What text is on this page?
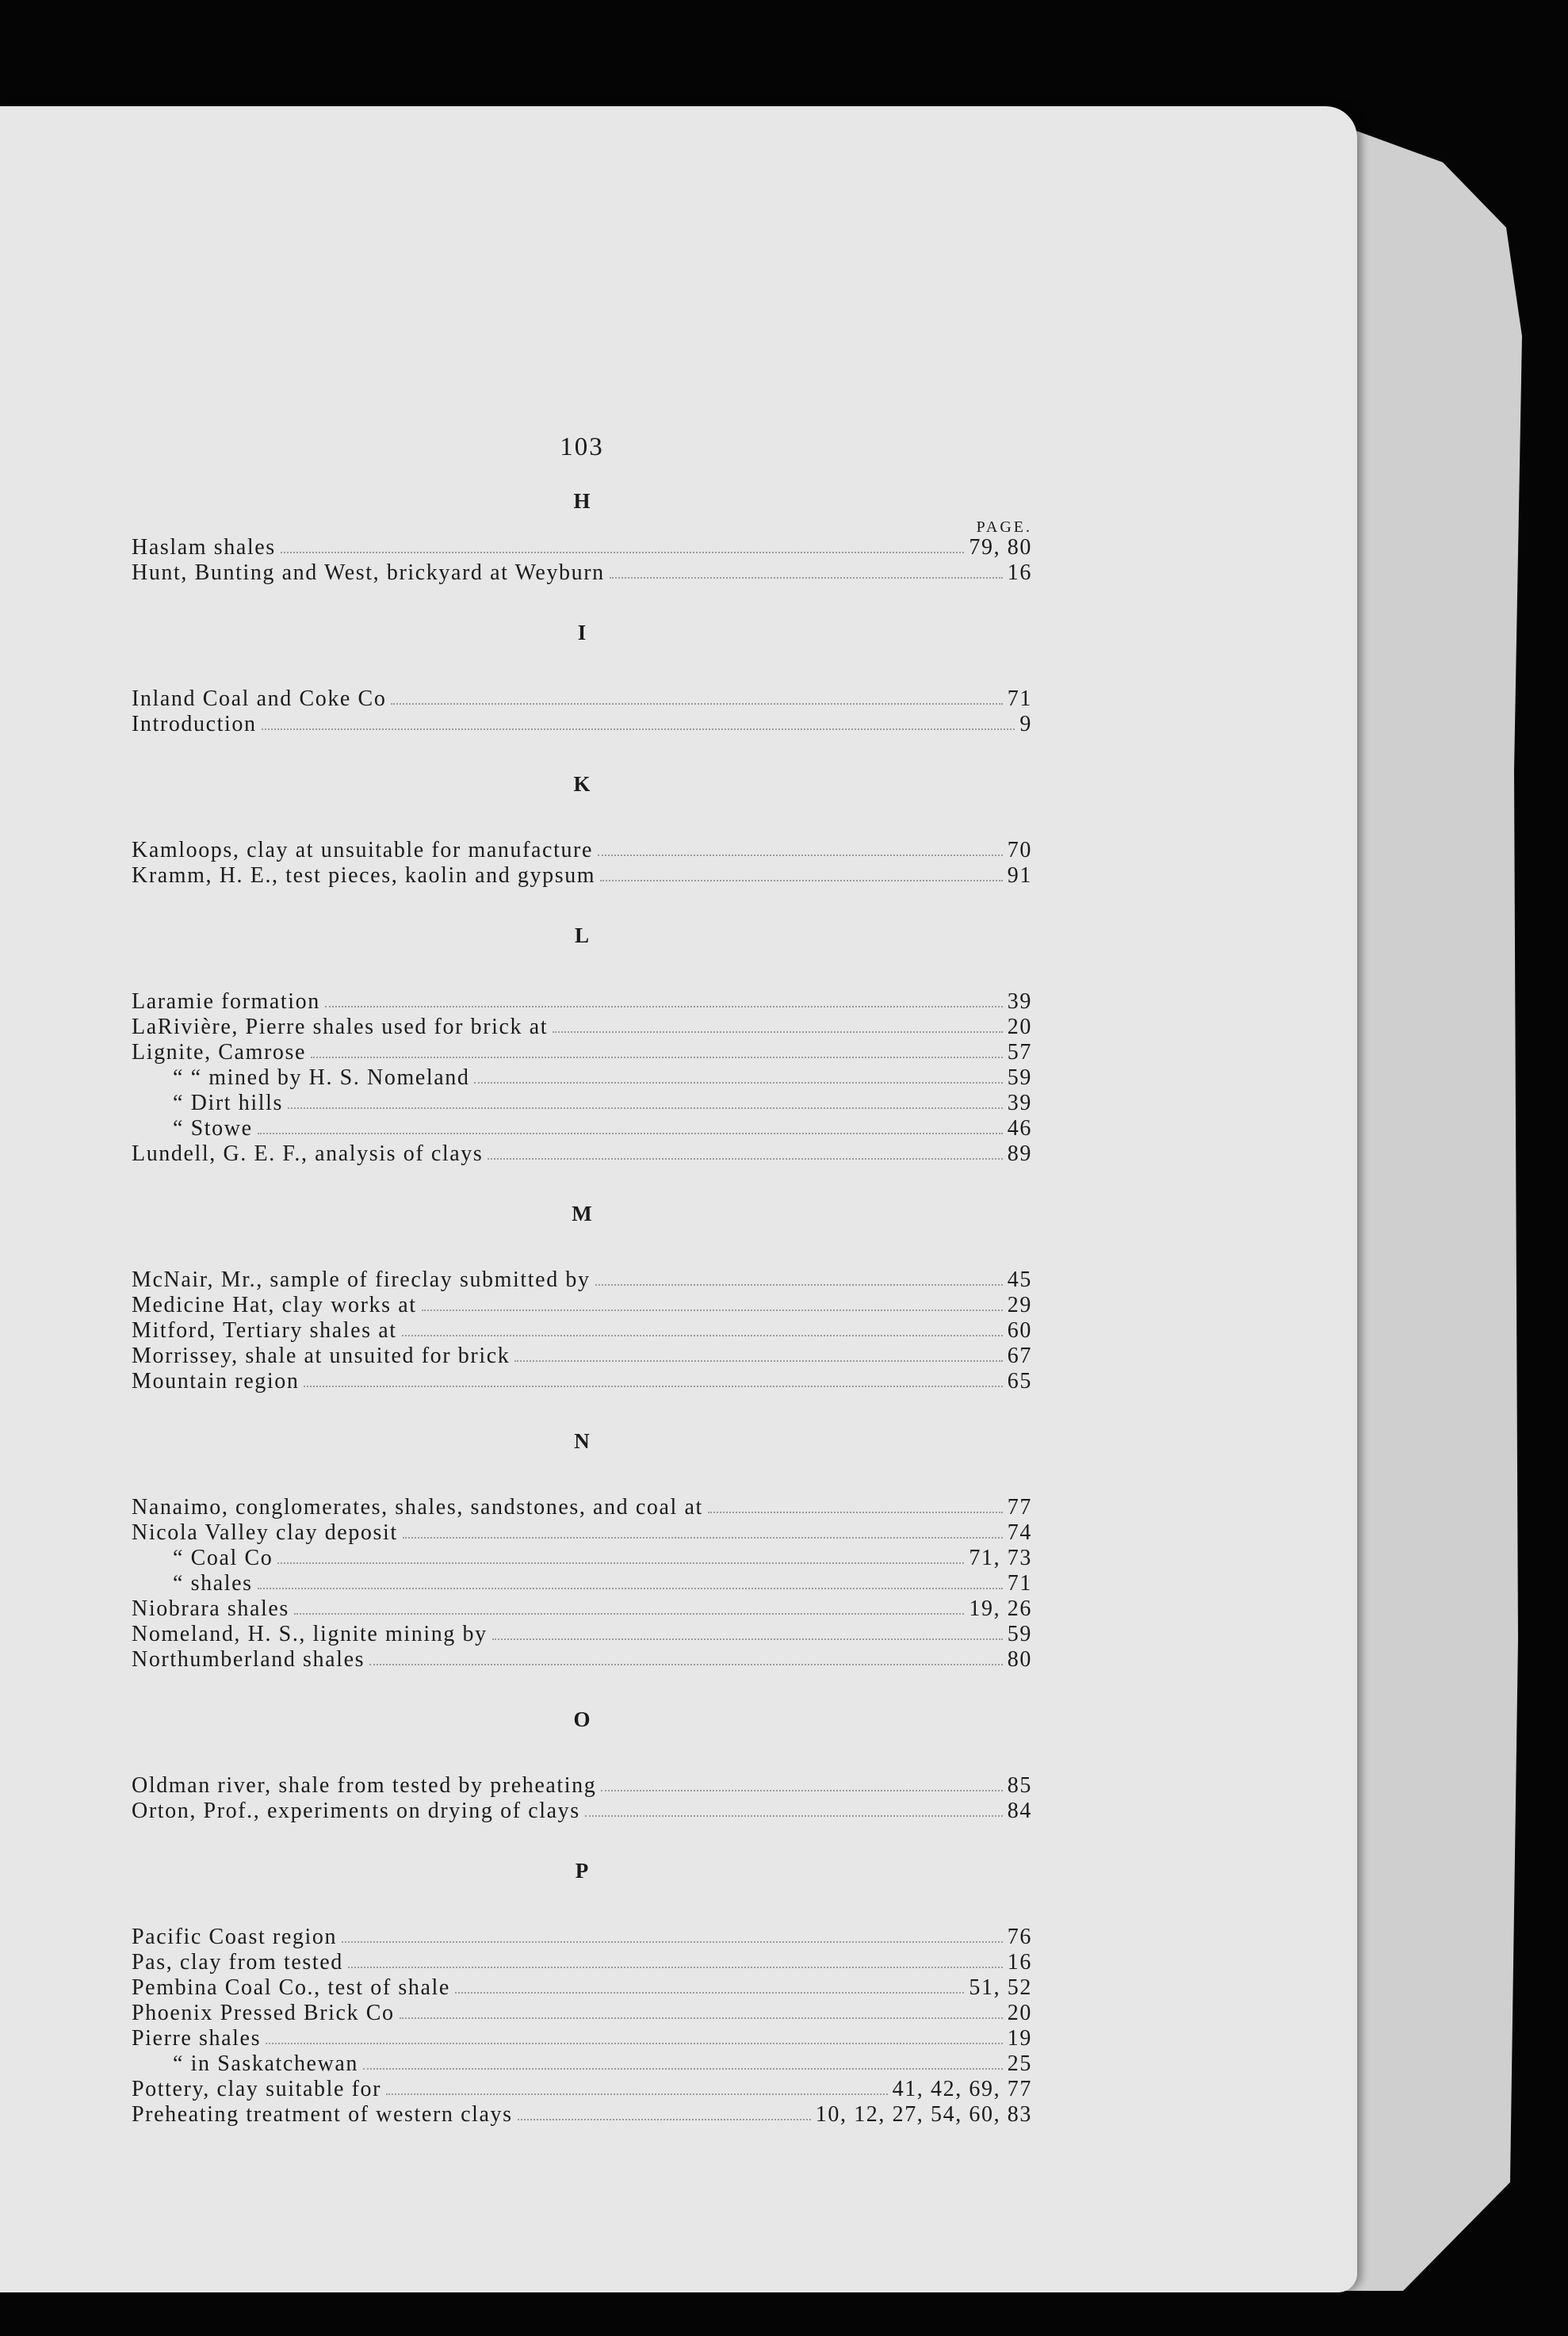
103
H
PAGE.
Haslam shales	79, 80
Hunt, Bunting and West, brickyard at Weyburn	16
I
Inland Coal and Coke Co	71
Introduction	9
K
Kamloops, clay at unsuitable for manufacture	70
Kramm, H. E., test pieces, kaolin and gypsum	91
L
Laramie formation	39
LaRivière, Pierre shales used for brick at	20
Lignite, Camrose	57
“ “ mined by H. S. Nomeland	59
“ Dirt hills	39
“ Stowe	46
Lundell, G. E. F., analysis of clays	89
M
McNair, Mr., sample of fireclay submitted by	45
Medicine Hat, clay works at	29
Mitford, Tertiary shales at	60
Morrissey, shale at unsuited for brick	67
Mountain region	65
N
Nanaimo, conglomerates, shales, sandstones, and coal at	77
Nicola Valley clay deposit	74
“ Coal Co	71, 73
“ shales	71
Niobrara shales	19, 26
Nomeland, H. S., lignite mining by	59
Northumberland shales	80
O
Oldman river, shale from tested by preheating	85
Orton, Prof., experiments on drying of clays	84
P
Pacific Coast region	76
Pas, clay from tested	16
Pembina Coal Co., test of shale	51, 52
Phoenix Pressed Brick Co	20
Pierre shales	19
“ in Saskatchewan	25
Pottery, clay suitable for	41, 42, 69, 77
Preheating treatment of western clays	10, 12, 27, 54, 60, 83
